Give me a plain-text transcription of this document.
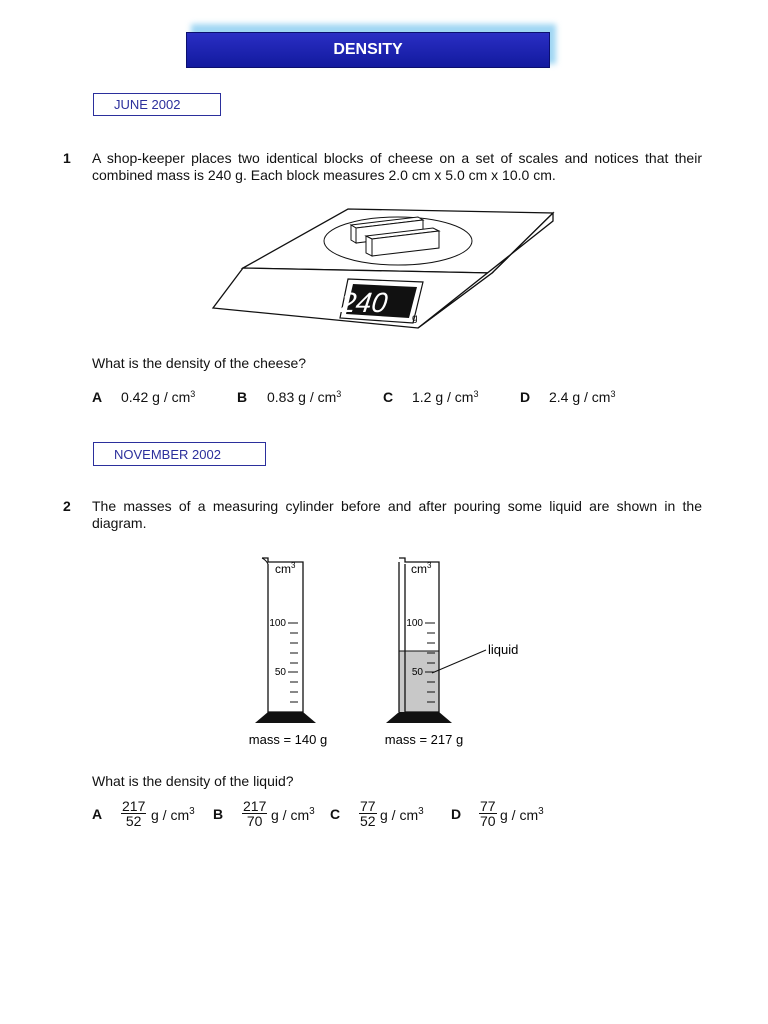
DENSITY
JUNE 2002
1 A shop-keeper places two identical blocks of cheese on a set of scales and notices that their combined mass is 240 g. Each block measures 2.0 cm x 5.0 cm x 10.0 cm.
240
g
What is the density of the cheese?
A 0.42 g / $cm^3$	B 0.83 g / $cm^3$	C 1.2 g / $cm^3$	D 2.4 g / $cm^3$
NOVEMBER 2002
2 The masses of a measuring cylinder before and after pouring some liquid are shown in the diagram.
$cm^3$
100
50
$cm^3$
100
50
liquid
mass = 140 g	mass = 217 g
What is the density of the liquid?
A $\frac{217}{52}$ g / $cm^3$ B $\frac{217}{70}$ g / $cm^3$ C $\frac{77}{52}$ g / $cm^3$ D $\frac{77}{70}$ g / $cm^3$
